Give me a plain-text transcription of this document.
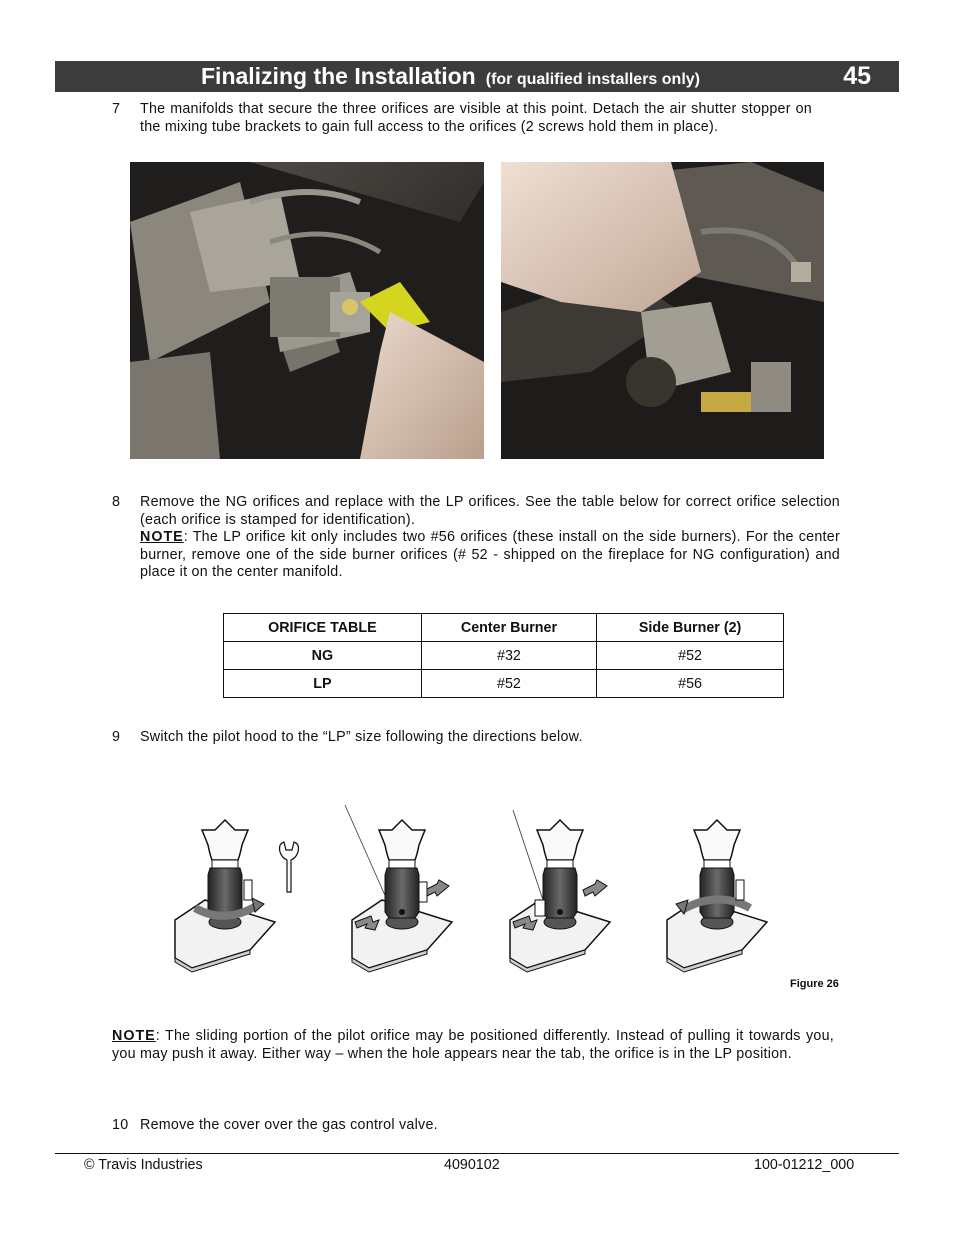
Finalizing the Installation (for qualified installers only)	45
7 The manifolds that secure the three orifices are visible at this point. Detach the air shutter stopper on the mixing tube brackets to gain full access to the orifices (2 screws hold them in place).
8 Remove the NG orifices and replace with the LP orifices. See the table below for correct orifice selection (each orifice is stamped for identification).

NOTE: The LP orifice kit only includes two #56 orifices (these install on the side burners). For the center burner, remove one of the side burner orifices (# 52 - shipped on the fireplace for NG configuration) and place it on the center manifold.

ORIFICE TABLE	Center Burner	Side Burner (2)
NG	#32	#52
LP	#52	#56
9 Switch the pilot hood to the “LP” size following the directions below.
Figure 26
NOTE: The sliding portion of the pilot orifice may be positioned differently. Instead of pulling it towards you, you may push it away. Either way – when the hole appears near the tab, the orifice is in the LP position.
10 Remove the cover over the gas control valve.
© Travis Industries	4090102	100-01212_000
